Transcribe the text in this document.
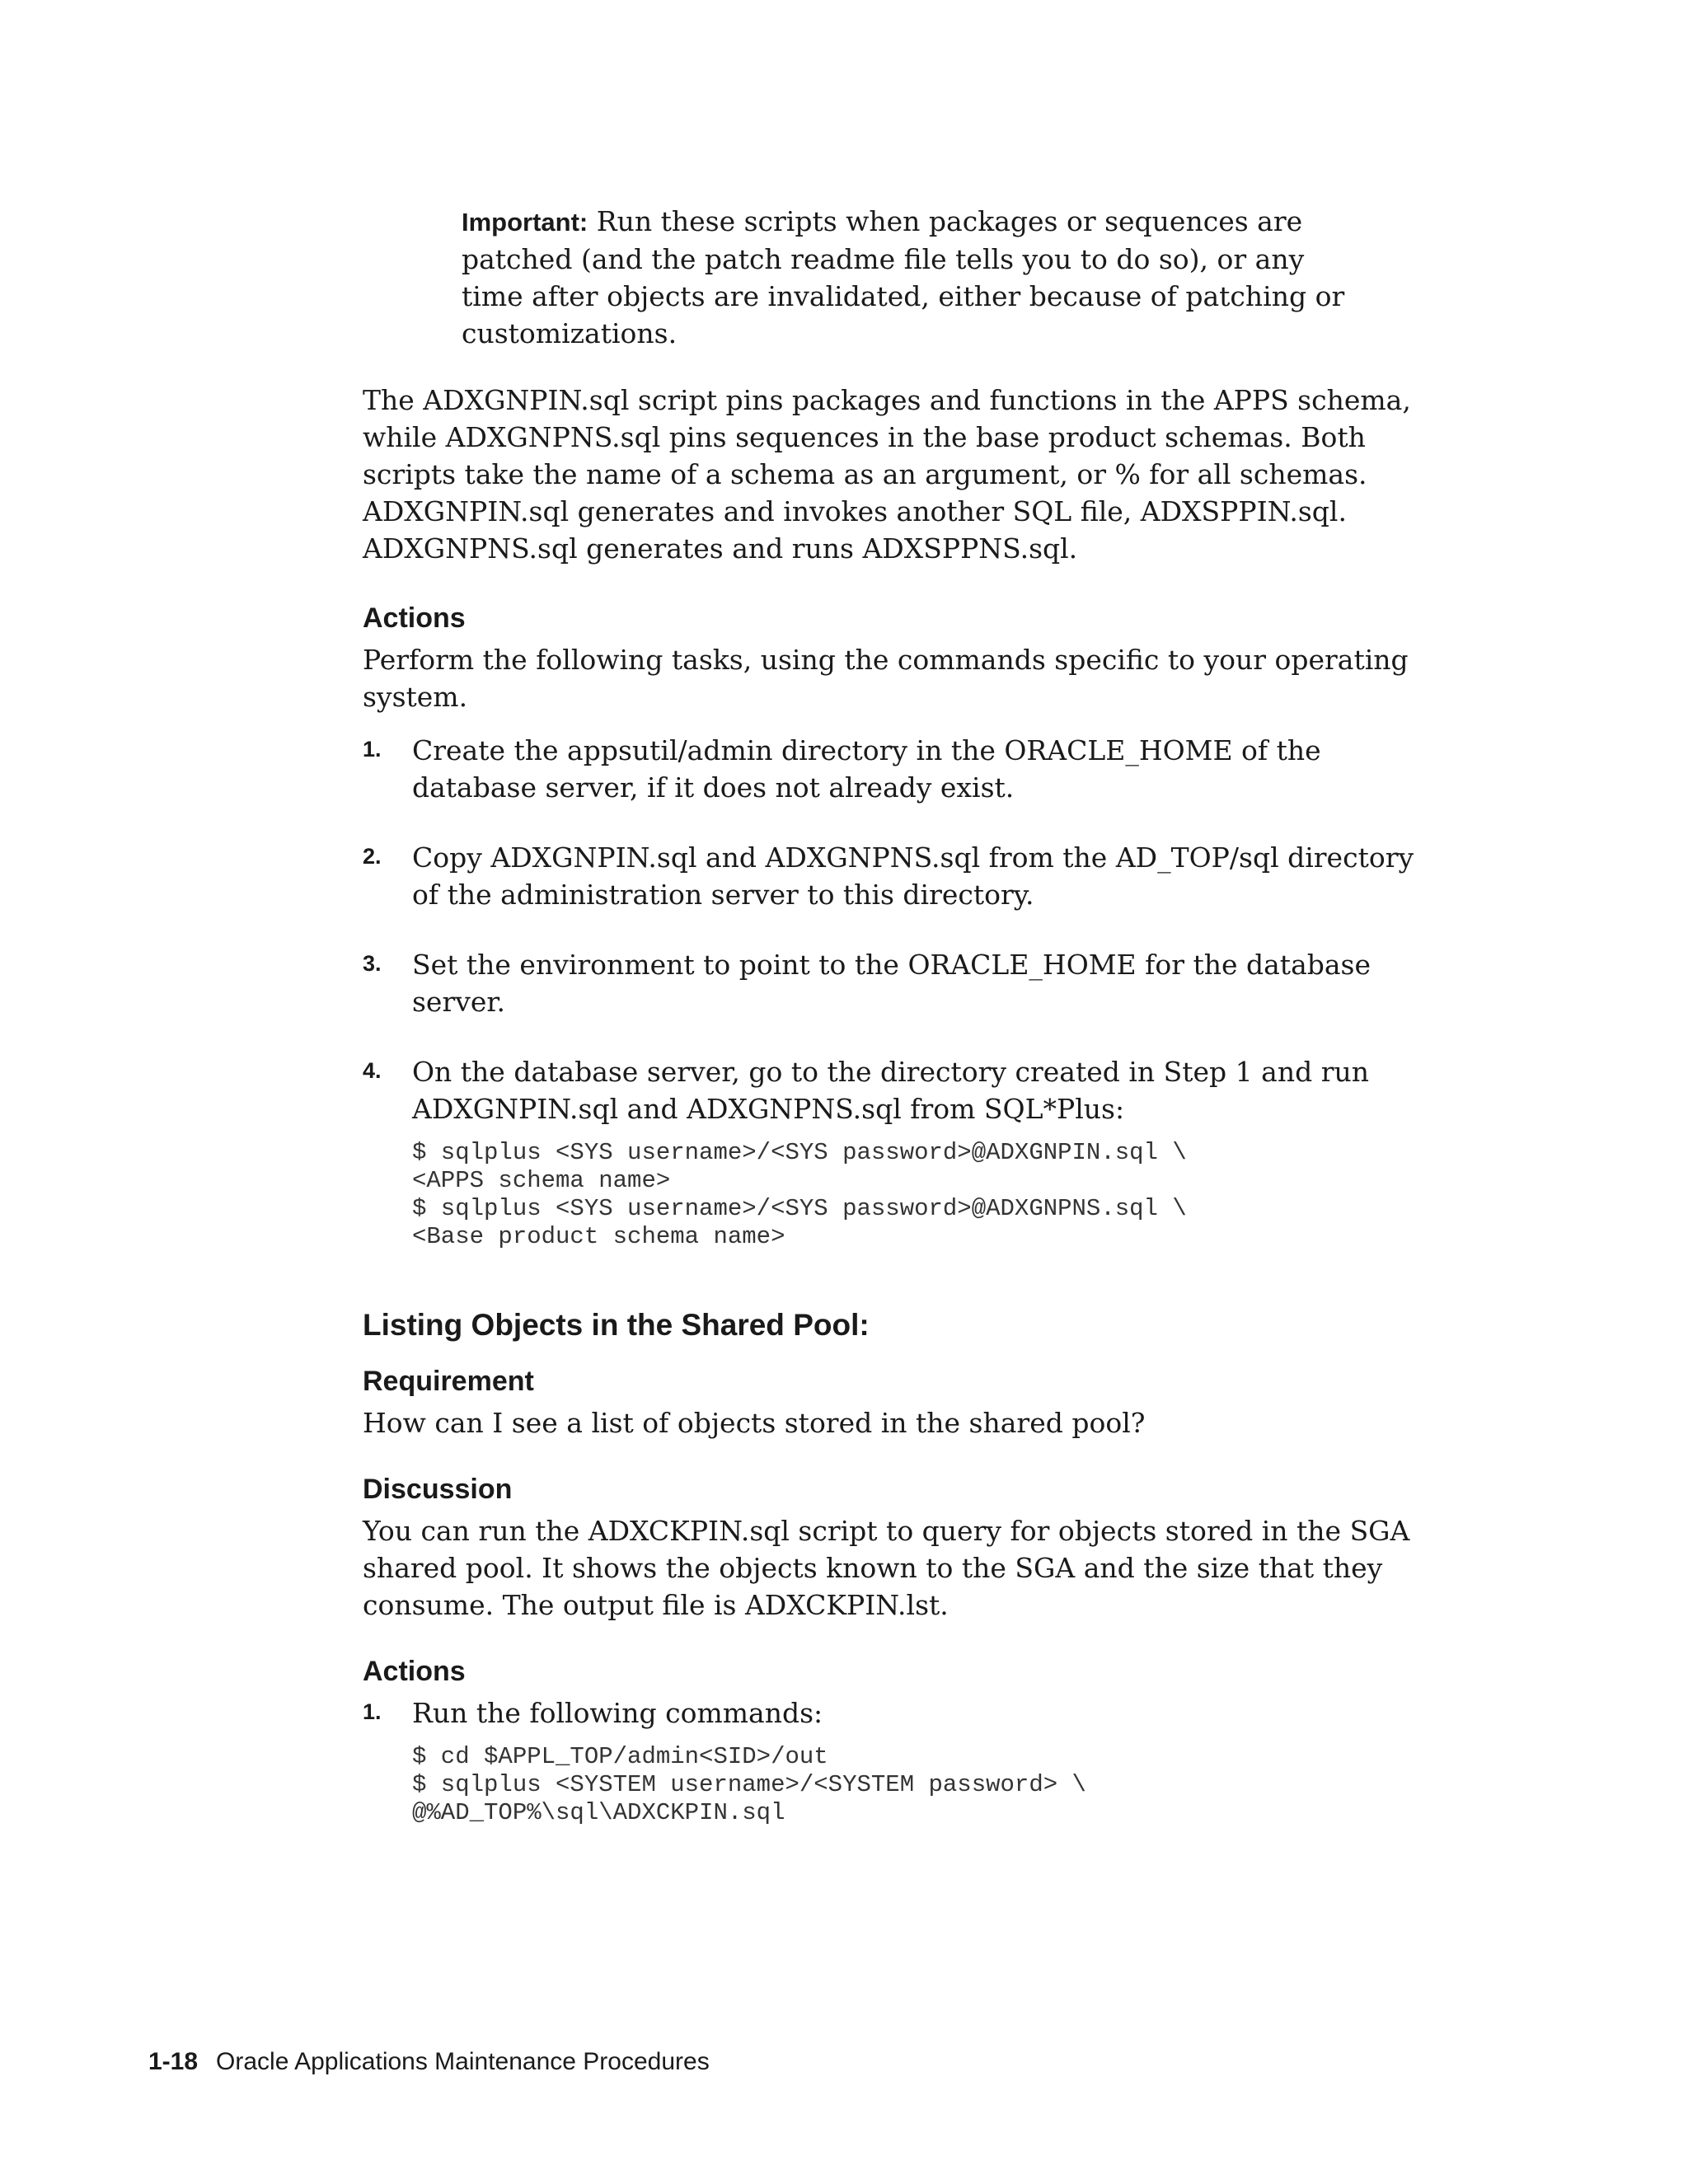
Important: Run these scripts when packages or sequences are patched (and the patch readme file tells you to do so), or any time after objects are invalidated, either because of patching or customizations.

The ADXGNPIN.sql script pins packages and functions in the APPS schema, while ADXGNPNS.sql pins sequences in the base product schemas. Both scripts take the name of a schema as an argument, or % for all schemas. ADXGNPIN.sql generates and invokes another SQL file, ADXSPPIN.sql. ADXGNPNS.sql generates and runs ADXSPPNS.sql.

Actions

Perform the following tasks, using the commands specific to your operating system.

1.	Create the appsutil/admin directory in the ORACLE_HOME of the database server, if it does not already exist.
2.	Copy ADXGNPIN.sql and ADXGNPNS.sql from the AD_TOP/sql directory of the administration server to this directory.
3.	Set the environment to point to the ORACLE_HOME for the database server.
4.	On the database server, go to the directory created in Step 1 and run ADXGNPIN.sql and ADXGNPNS.sql from SQL*Plus:
$ sqlplus <SYS username>/<SYS password>@ADXGNPIN.sql \
<APPS schema name>
$ sqlplus <SYS username>/<SYS password>@ADXGNPNS.sql \
<Base product schema name>
Listing Objects in the Shared Pool:
Requirement

How can I see a list of objects stored in the shared pool?

Discussion

You can run the ADXCKPIN.sql script to query for objects stored in the SGA shared pool. It shows the objects known to the SGA and the size that they consume. The output file is ADXCKPIN.lst.

Actions
1.	Run the following commands:
$ cd $APPL_TOP/admin<SID>/out
$ sqlplus <SYSTEM username>/<SYSTEM password> \
@%AD_TOP%\sql\ADXCKPIN.sql
1-18 Oracle Applications Maintenance Procedures
